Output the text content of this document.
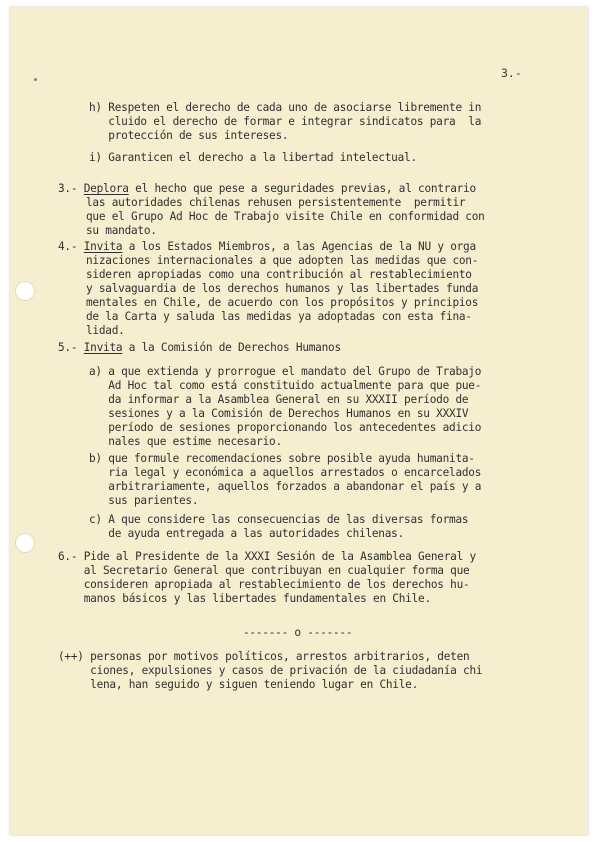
3.-
h) Respeten el derecho de cada uno de asociarse libremente in
cluido el derecho de formar e integrar sindicatos para  la
protección de sus intereses.
i) Garanticen el derecho a la libertad intelectual.
3.- Deplora el hecho que pese a seguridades previas, al contrario
las autoridades chilenas rehusen persistentemente  permitir
que el Grupo Ad Hoc de Trabajo visite Chile en conformidad con
su mandato.
4.- Invita a los Estados Miembros, a las Agencias de la NU y orga
nizaciones internacionales a que adopten las medidas que con-
sideren apropiadas como una contribución al restablecimiento
y salvaguardia de los derechos humanos y las libertades funda
mentales en Chile, de acuerdo con los propósitos y principios
de la Carta y saluda las medidas ya adoptadas con esta fina-
lidad.
5.- Invita a la Comisión de Derechos Humanos
a) a que extienda y prorrogue el mandato del Grupo de Trabajo
Ad Hoc tal como está constituido actualmente para que pue-
da informar a la Asamblea General en su XXXII período de
sesiones y a la Comisión de Derechos Humanos en su XXXIV
período de sesiones proporcionando los antecedentes adicio
nales que estime necesario.
b) que formule recomendaciones sobre posible ayuda humanita-
ria legal y económica a aquellos arrestados o encarcelados
arbitrariamente, aquellos forzados a abandonar el país y a
sus parientes.
c) A que considere las consecuencias de las diversas formas
de ayuda entregada a las autoridades chilenas.
6.- Pide al Presidente de la XXXI Sesión de la Asamblea General y
al Secretario General que contribuyan en cualquier forma que
consideren apropiada al restablecimiento de los derechos hu-
manos básicos y las libertades fundamentales en Chile.
------- o -------
(++) personas por motivos políticos, arrestos arbitrarios, deten
ciones, expulsiones y casos de privación de la ciudadanía chi
lena, han seguido y siguen teniendo lugar en Chile.
